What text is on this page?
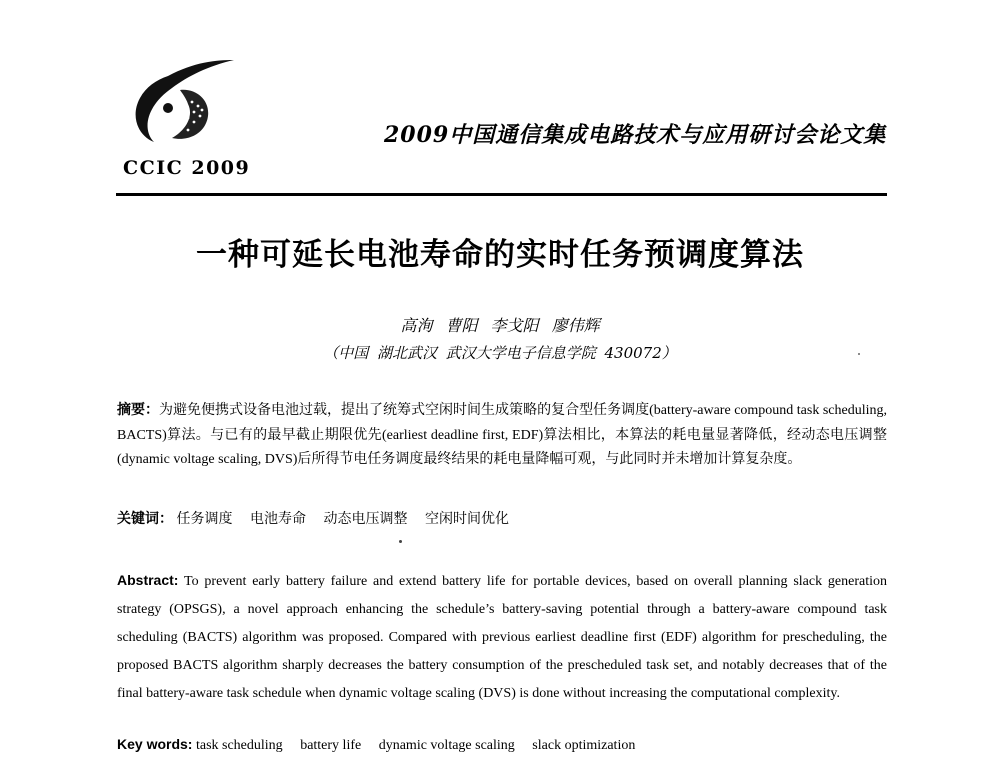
CCIC 2009
2009中国通信集成电路技术与应用研讨会论文集
一种可延长电池寿命的实时任务预调度算法
高洵 曹阳 李戈阳 廖伟辉
（中国 湖北武汉 武汉大学电子信息学院 430072）
摘要：为避免便携式设备电池过载，提出了统筹式空闲时间生成策略的复合型任务调度(battery-aware compound task scheduling, BACTS)算法。与已有的最早截止期限优先(earliest deadline first, EDF)算法相比，本算法的耗电量显著降低，经动态电压调整(dynamic voltage scaling, DVS)后所得节电任务调度最终结果的耗电量降幅可观，与此同时并未增加计算复杂度。
关键词： 任务调度 电池寿命 动态电压调整 空闲时间优化
Abstract: To prevent early battery failure and extend battery life for portable devices, based on overall planning slack generation strategy (OPSGS), a novel approach enhancing the schedule’s battery-saving potential through a battery-aware compound task scheduling (BACTS) algorithm was proposed. Compared with previous earliest deadline first (EDF) algorithm for prescheduling, the proposed BACTS algorithm sharply decreases the battery consumption of the prescheduled task set, and notably decreases that of the final battery-aware task schedule when dynamic voltage scaling (DVS) is done without increasing the computational complexity.
Key words: task scheduling battery life dynamic voltage scaling slack optimization
